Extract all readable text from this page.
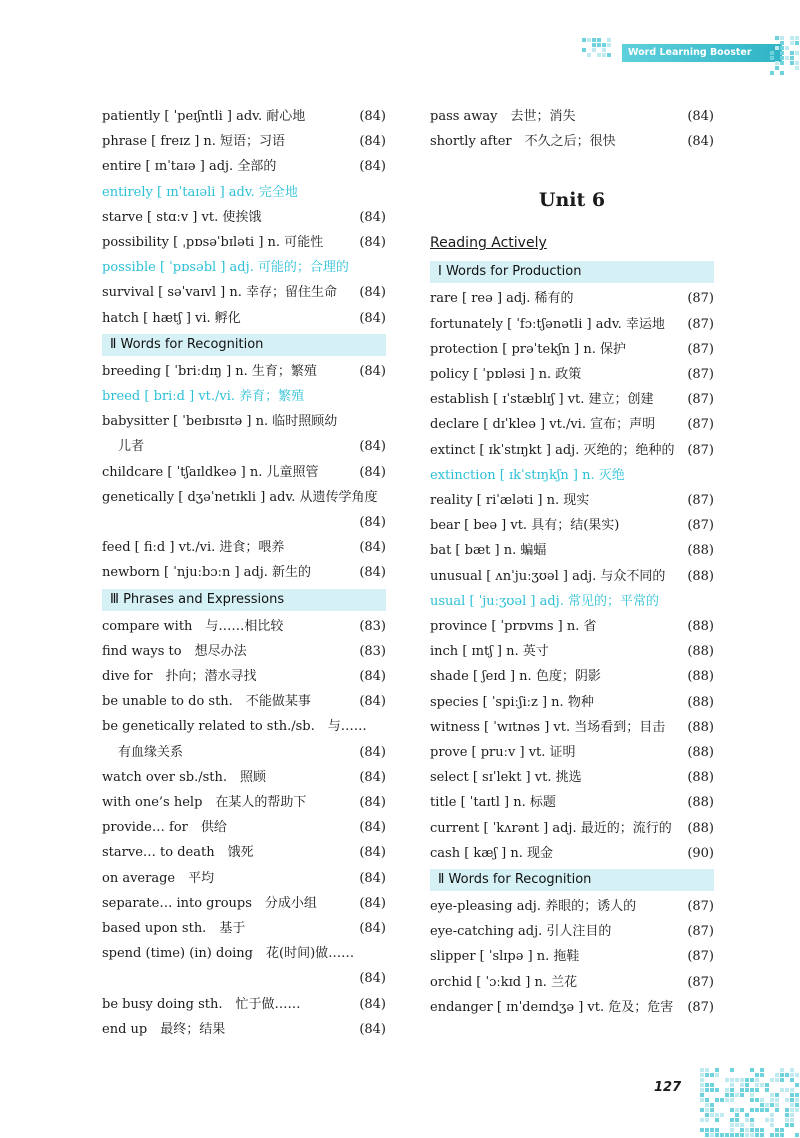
Word Learning Booster
patiently [ ˈpeɪʃntli ] adv. 耐心地	(84)
phrase [ freɪz ] n. 短语；习语	(84)
entire [ ɪnˈtaɪə ] adj. 全部的	(84)
entirely [ ɪnˈtaɪəli ] adv. 完全地
starve [ stɑːv ] vt. 使挨饿	(84)
possibility [ ˌpɒsəˈbɪləti ] n. 可能性	(84)
possible [ ˈpɒsəbl ] adj. 可能的；合理的
survival [ səˈvaɪvl ] n. 幸存；留住生命 (84)
hatch [ hætʃ ] vi. 孵化	(84)
Ⅱ Words for Recognition
breeding [ ˈbriːdɪŋ ] n. 生育；繁殖	(84)
breed [ briːd ] vt./vi. 养育；繁殖
babysitter [ ˈbeɪbɪsɪtə ] n. 临时照顾幼
儿者	(84)
childcare [ ˈtʃaɪldkeə ] n. 儿童照管	(84)
genetically [ dʒəˈnetɪkli ] adv. 从遗传学角度
(84)
feed [ fiːd ] vt./vi. 进食；喂养	(84)
newborn [ ˈnjuːbɔːn ] adj. 新生的	(84)
Ⅲ Phrases and Expressions
compare with　与……相比较	(83)
find ways to　想尽办法	(83)
dive for　扑向；潜水寻找	(84)
be unable to do sth.　不能做某事	(84)
be genetically related to sth./sb.　与……
有血缘关系	(84)
watch over sb./sth.　照顾	(84)
with one’s help　在某人的帮助下	(84)
provide… for　供给	(84)
starve… to death　饿死	(84)
on average　平均	(84)
separate… into groups　分成小组	(84)
based upon sth.　基于	(84)
spend (time) (in) doing　花(时间)做……
(84)
be busy doing sth.　忙于做……	(84)
end up　最终；结果	(84)
pass away　去世；消失	(84)
shortly after　不久之后；很快	(84)
Unit 6
Reading Actively
Ⅰ Words for Production
rare [ reə ] adj. 稀有的	(87)
fortunately [ ˈfɔːtʃənətli ] adv. 幸运地 (87)
protection [ prəˈtekʃn ] n. 保护	(87)
policy [ ˈpɒləsi ] n. 政策	(87)
establish [ ɪˈstæblɪʃ ] vt. 建立；创建	(87)
declare [ dɪˈkleə ] vt./vi. 宣布；声明 (87)
extinct [ ɪkˈstɪŋkt ] adj. 灭绝的；绝种的 (87)
extinction [ ɪkˈstɪŋkʃn ] n. 灭绝
reality [ riˈæləti ] n. 现实	(87)
bear [ beə ] vt. 具有；结(果实)	(87)
bat [ bæt ] n. 蝙蝠	(88)
unusual [ ʌnˈjuːʒʊəl ] adj. 与众不同的 (88)
usual [ ˈjuːʒʊəl ] adj. 常见的；平常的
province [ ˈprɒvɪns ] n. 省	(88)
inch [ ɪntʃ ] n. 英寸	(88)
shade [ ʃeɪd ] n. 色度；阴影	(88)
species [ ˈspiːʃiːz ] n. 物种	(88)
witness [ ˈwɪtnəs ] vt. 当场看到；目击 (88)
prove [ pruːv ] vt. 证明	(88)
select [ sɪˈlekt ] vt. 挑选	(88)
title [ ˈtaɪtl ] n. 标题	(88)
current [ ˈkʌrənt ] adj. 最近的；流行的 (88)
cash [ kæʃ ] n. 现金	(90)
Ⅱ Words for Recognition
eye-pleasing adj. 养眼的；诱人的	(87)
eye-catching adj. 引人注目的	(87)
slipper [ ˈslɪpə ] n. 拖鞋	(87)
orchid [ ˈɔːkɪd ] n. 兰花	(87)
endanger [ ɪnˈdeɪndʒə ] vt. 危及；危害 (87)
127
